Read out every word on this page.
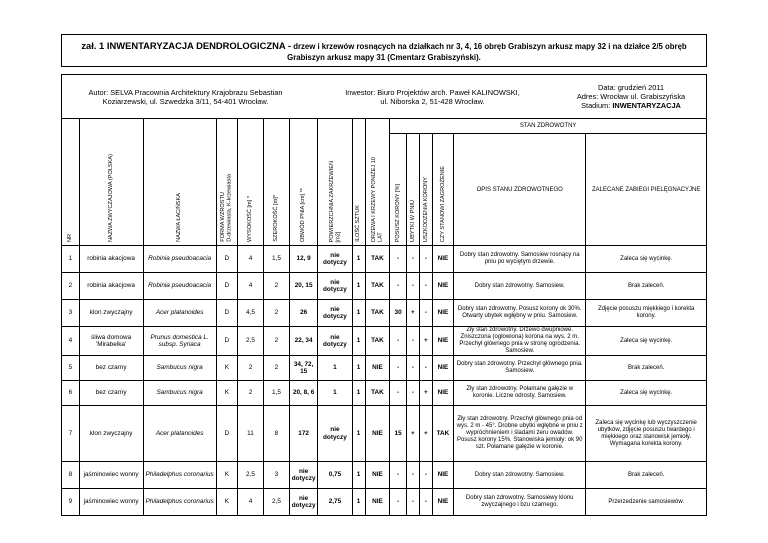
zał. 1 INWENTARYZACJA DENDROLOGICZNA - drzew i krzewów rosnących na działkach nr 3, 4, 16 obręb Grabiszyn arkusz mapy 32 i na działce 2/5 obręb
Grabiszyn arkusz mapy 31 (Cmentarz Grabiszyński).
Autor: SELVA Pracownia Architektury Krajobrazu Sebastian
Koziarzewski, ul. Szwedzka 3/11, 54-401 Wrocław.
Inwestor: Biuro Projektów arch. Paweł KALINOWSKI,
ul. Niborska 2, 51-428 Wrocław.
Data: grudzień 2011
Adres: Wrocław ul. Grabiszyńska
Stadium: INWENTARYZACJA
NR	NAZWA ZWYCZAJOWA (POLSKA)	NAZWA ŁACIŃSKA	FORMA WZROSTU
D-drzewiasta, K-krzewiasta	WYSOKOŚĆ [m] *	SZEROKOŚĆ [m]*	OBWÓD PNIA [cm] **	POWIERZCHNIA ZAKRZEWIEŃ
[m2]	ILOŚĆ SZTUK	DRZEWA I KRZEWY PONIŻEJ 10
LAT	STAN ZDROWOTNY					

										POSUSZ KORONY [%]	UBYTKI W PNIU	USZKODZENIA KORONY	CZY STANOWI ZAGROŻENIE	OPIS STANU ZDROWOTNEGO	ZALECANE ZABIEGI PIELĘGNACYJNE
1	robinia akacjowa	Robinia pseudoacacia	D	4	1,5	12, 9	nie dotyczy	1	TAK	-	-	-	NIE	Dobry stan zdrowotny. Samosiew rosnący na pniu po wyciętym drzewie.	Zaleca się wycinkę.
2	robinia akacjowa	Robinia pseudoacacia	D	4	2	20, 15	nie dotyczy	1	TAK	-	-	-	NIE	Dobry stan zdrowotny. Samosiew.	Brak zaleceń.
3	klon zwyczajny	Acer platanoides	D	4,5	2	26	nie dotyczy	1	TAK	30	+	-	NIE	Dobry stan zdrowotny. Posusz korony ok 30%. Otwarty ubytek wgłębny w pniu. Samosiew.	Zdjęcie posuszu miękkiego i korekta korony.
4	śliwa domowa 'Mirabelka'	Prunus domestica L. subsp. Syriaca	D	2,5	2	22, 34	nie dotyczy	1	TAK	-	-	+	NIE	Zły stan zdrowotny. Drzewo dwupniowe. Zniszczona (ogłowiona) korona na wys. 2 m. Przechył głównego pnia w stronę ogrodzenia. Samosiew.	Zaleca się wycinkę.
5	bez czarny	Sambucus nigra	K	2	2	34, 72, 15	1	1	NIE	-	-	-	NIE	Dobry stan zdrowotny. Przechył głównego pnia. Samosiew.	Brak zaleceń.
6	bez czarny	Sambucus nigra	K	2	1,5	20, 8, 6	1	1	TAK	-	-	+	NIE	Zły stan zdrowotny. Połamane gałęzie w koronie. Liczne odrosty. Samosiew.	Zaleca się wycinkę.
7	klon zwyczajny	Acer platanoides	D	11	8	172	nie dotyczy	1	NIE	15	+	+	TAK	Zły stan zdrowotny. Przechył głównego pnia od wys. 2 m - 45°. Drobne ubytki wgłębne w pniu z wypróchnieniem i śladami żeru owadów. Posusz korony 15%. Stanowiska jemioły: ok 90 szt. Połamane gałęzie w koronie.	Zaleca się wycinkę lub wyczyszczenie ubytków, zdjęcie posuszu twardego i miękkiego oraz stanowisk jemioły. Wymagana korekta korony.
8	jaśminowiec wonny	Philadelphus coronarius	K	2,5	3	nie dotyczy	0,75	1	NIE	-	-	-	NIE	Dobry stan zdrowotny. Samosiew.	Brak zaleceń.
9	jaśminowiec wonny	Philadelphus coronarius	K	4	2,5	nie dotyczy	2,75	1	NIE	-	-	-	NIE	Dobry stan zdrowotny. Samosiewy klonu zwyczajnego i bzu czarnego.	Przerzedzenie samosiewów.
